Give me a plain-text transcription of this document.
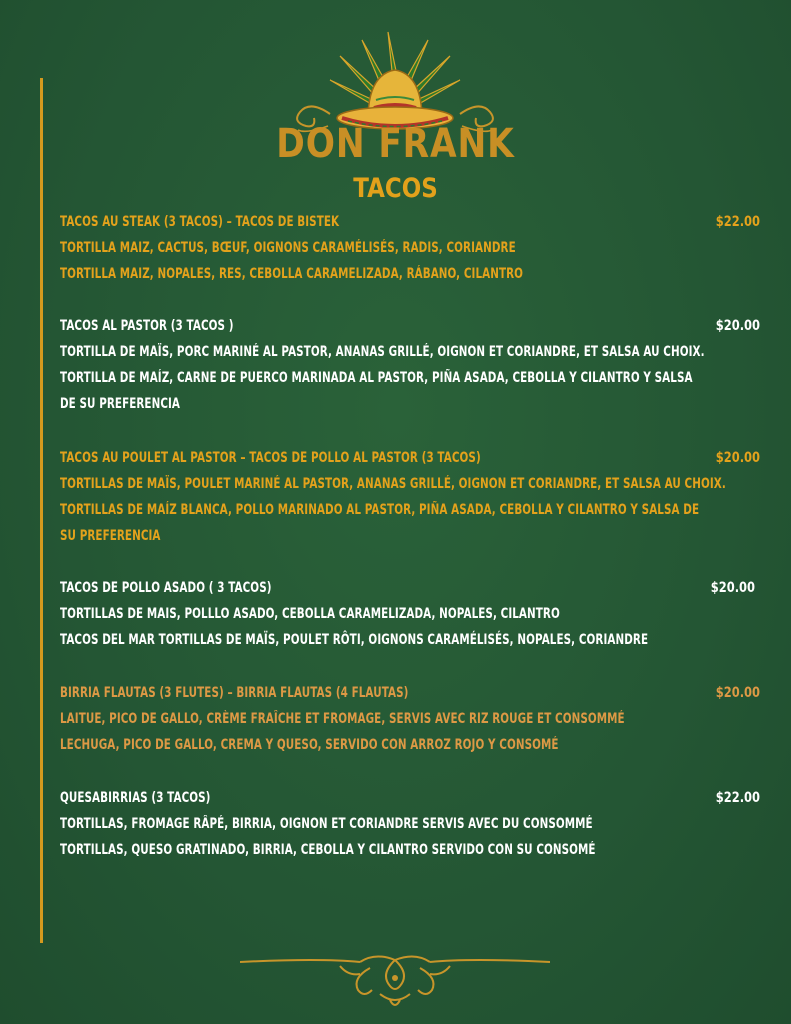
DON FRANK
TACOS
TACOS AU STEAK (3 TACOS) – TACOS DE BISTEK	$22.00
TORTILLA MAIZ, CACTUS, BŒUF, OIGNONS CARAMÉLISÉS, RADIS, CORIANDRE
TORTILLA MAIZ, NOPALES, RES, CEBOLLA CARAMELIZADA, RÁBANO, CILANTRO
TACOS AL PASTOR (3 TACOS )	$20.00
TORTILLA DE MAÏS, PORC MARINÉ AL PASTOR, ANANAS GRILLÉ, OIGNON ET CORIANDRE, ET SALSA AU CHOIX.
TORTILLA DE MAÍZ, CARNE DE PUERCO MARINADA AL PASTOR, PIÑA ASADA, CEBOLLA Y CILANTRO Y SALSA DE SU PREFERENCIA
TACOS AU POULET AL PASTOR – TACOS DE POLLO AL PASTOR (3 TACOS)	$20.00
TORTILLAS DE MAÏS, POULET MARINÉ AL PASTOR, ANANAS GRILLÉ, OIGNON ET CORIANDRE, ET SALSA AU CHOIX.
TORTILLAS DE MAÍZ BLANCA, POLLO MARINADO AL PASTOR, PIÑA ASADA, CEBOLLA Y CILANTRO Y SALSA DE SU PREFERENCIA
TACOS DE POLLO ASADO ( 3 TACOS)	$20.00
TORTILLAS DE MAIS, POLLLO ASADO, CEBOLLA CARAMELIZADA, NOPALES, CILANTRO
TACOS DEL MAR TORTILLAS DE MAÏS, POULET RÔTI, OIGNONS CARAMÉLISÉS, NOPALES, CORIANDRE
BIRRIA FLAUTAS (3 FLUTES) – BIRRIA FLAUTAS (4 FLAUTAS)	$20.00
LAITUE, PICO DE GALLO, CRÈME FRAÎCHE ET FROMAGE, SERVIS AVEC RIZ ROUGE ET CONSOMMÉ
LECHUGA, PICO DE GALLO, CREMA Y QUESO, SERVIDO CON ARROZ ROJO Y CONSOMÉ
QUESABIRRIAS (3 TACOS)	$22.00
TORTILLAS, FROMAGE RÂPÉ, BIRRIA, OIGNON ET CORIANDRE SERVIS AVEC DU CONSOMMÉ
TORTILLAS, QUESO GRATINADO, BIRRIA, CEBOLLA Y CILANTRO SERVIDO CON SU CONSOMÉ
